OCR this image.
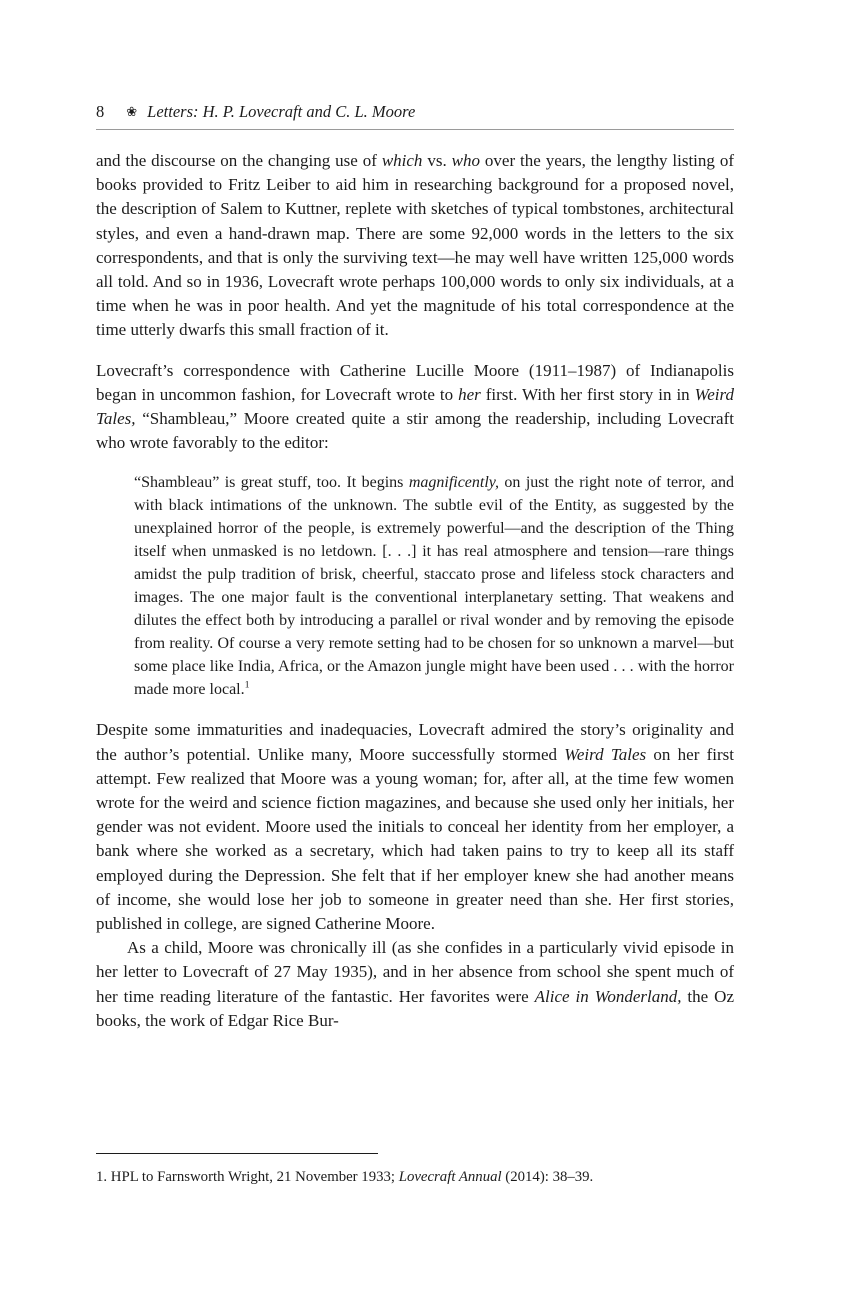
8 ❀ Letters: H. P. Lovecraft and C. L. Moore

and the discourse on the changing use of which vs. who over the years, the lengthy listing of books provided to Fritz Leiber to aid him in researching background for a proposed novel, the description of Salem to Kuttner, replete with sketches of typical tombstones, architectural styles, and even a hand-drawn map. There are some 92,000 words in the letters to the six correspondents, and that is only the surviving text—he may well have written 125,000 words all told. And so in 1936, Lovecraft wrote perhaps 100,000 words to only six individuals, at a time when he was in poor health. And yet the magnitude of his total correspondence at the time utterly dwarfs this small fraction of it.

Lovecraft’s correspondence with Catherine Lucille Moore (1911–1987) of Indianapolis began in uncommon fashion, for Lovecraft wrote to her first. With her first story in in Weird Tales, “Shambleau,” Moore created quite a stir among the readership, including Lovecraft who wrote favorably to the editor:

“Shambleau” is great stuff, too. It begins magnificently, on just the right note of terror, and with black intimations of the unknown. The subtle evil of the Entity, as suggested by the unexplained horror of the people, is extremely powerful—and the description of the Thing itself when unmasked is no letdown. [. . .] it has real atmosphere and tension—rare things amidst the pulp tradition of brisk, cheerful, staccato prose and lifeless stock characters and images. The one major fault is the conventional interplanetary setting. That weakens and dilutes the effect both by introducing a parallel or rival wonder and by removing the episode from reality. Of course a very remote setting had to be chosen for so unknown a marvel—but some place like India, Africa, or the Amazon jungle might have been used . . . with the horror made more local.$^1$

Despite some immaturities and inadequacies, Lovecraft admired the story’s originality and the author’s potential. Unlike many, Moore successfully stormed Weird Tales on her first attempt. Few realized that Moore was a young woman; for, after all, at the time few women wrote for the weird and science fiction magazines, and because she used only her initials, her gender was not evident. Moore used the initials to conceal her identity from her employer, a bank where she worked as a secretary, which had taken pains to try to keep all its staff employed during the Depression. She felt that if her employer knew she had another means of income, she would lose her job to someone in greater need than she. Her first stories, published in college, are signed Catherine Moore.

As a child, Moore was chronically ill (as she confides in a particularly vivid episode in her letter to Lovecraft of 27 May 1935), and in her absence from school she spent much of her time reading literature of the fantastic. Her favorites were Alice in Wonderland, the Oz books, the work of Edgar Rice Bur-

1. HPL to Farnsworth Wright, 21 November 1933; Lovecraft Annual (2014): 38–39.
